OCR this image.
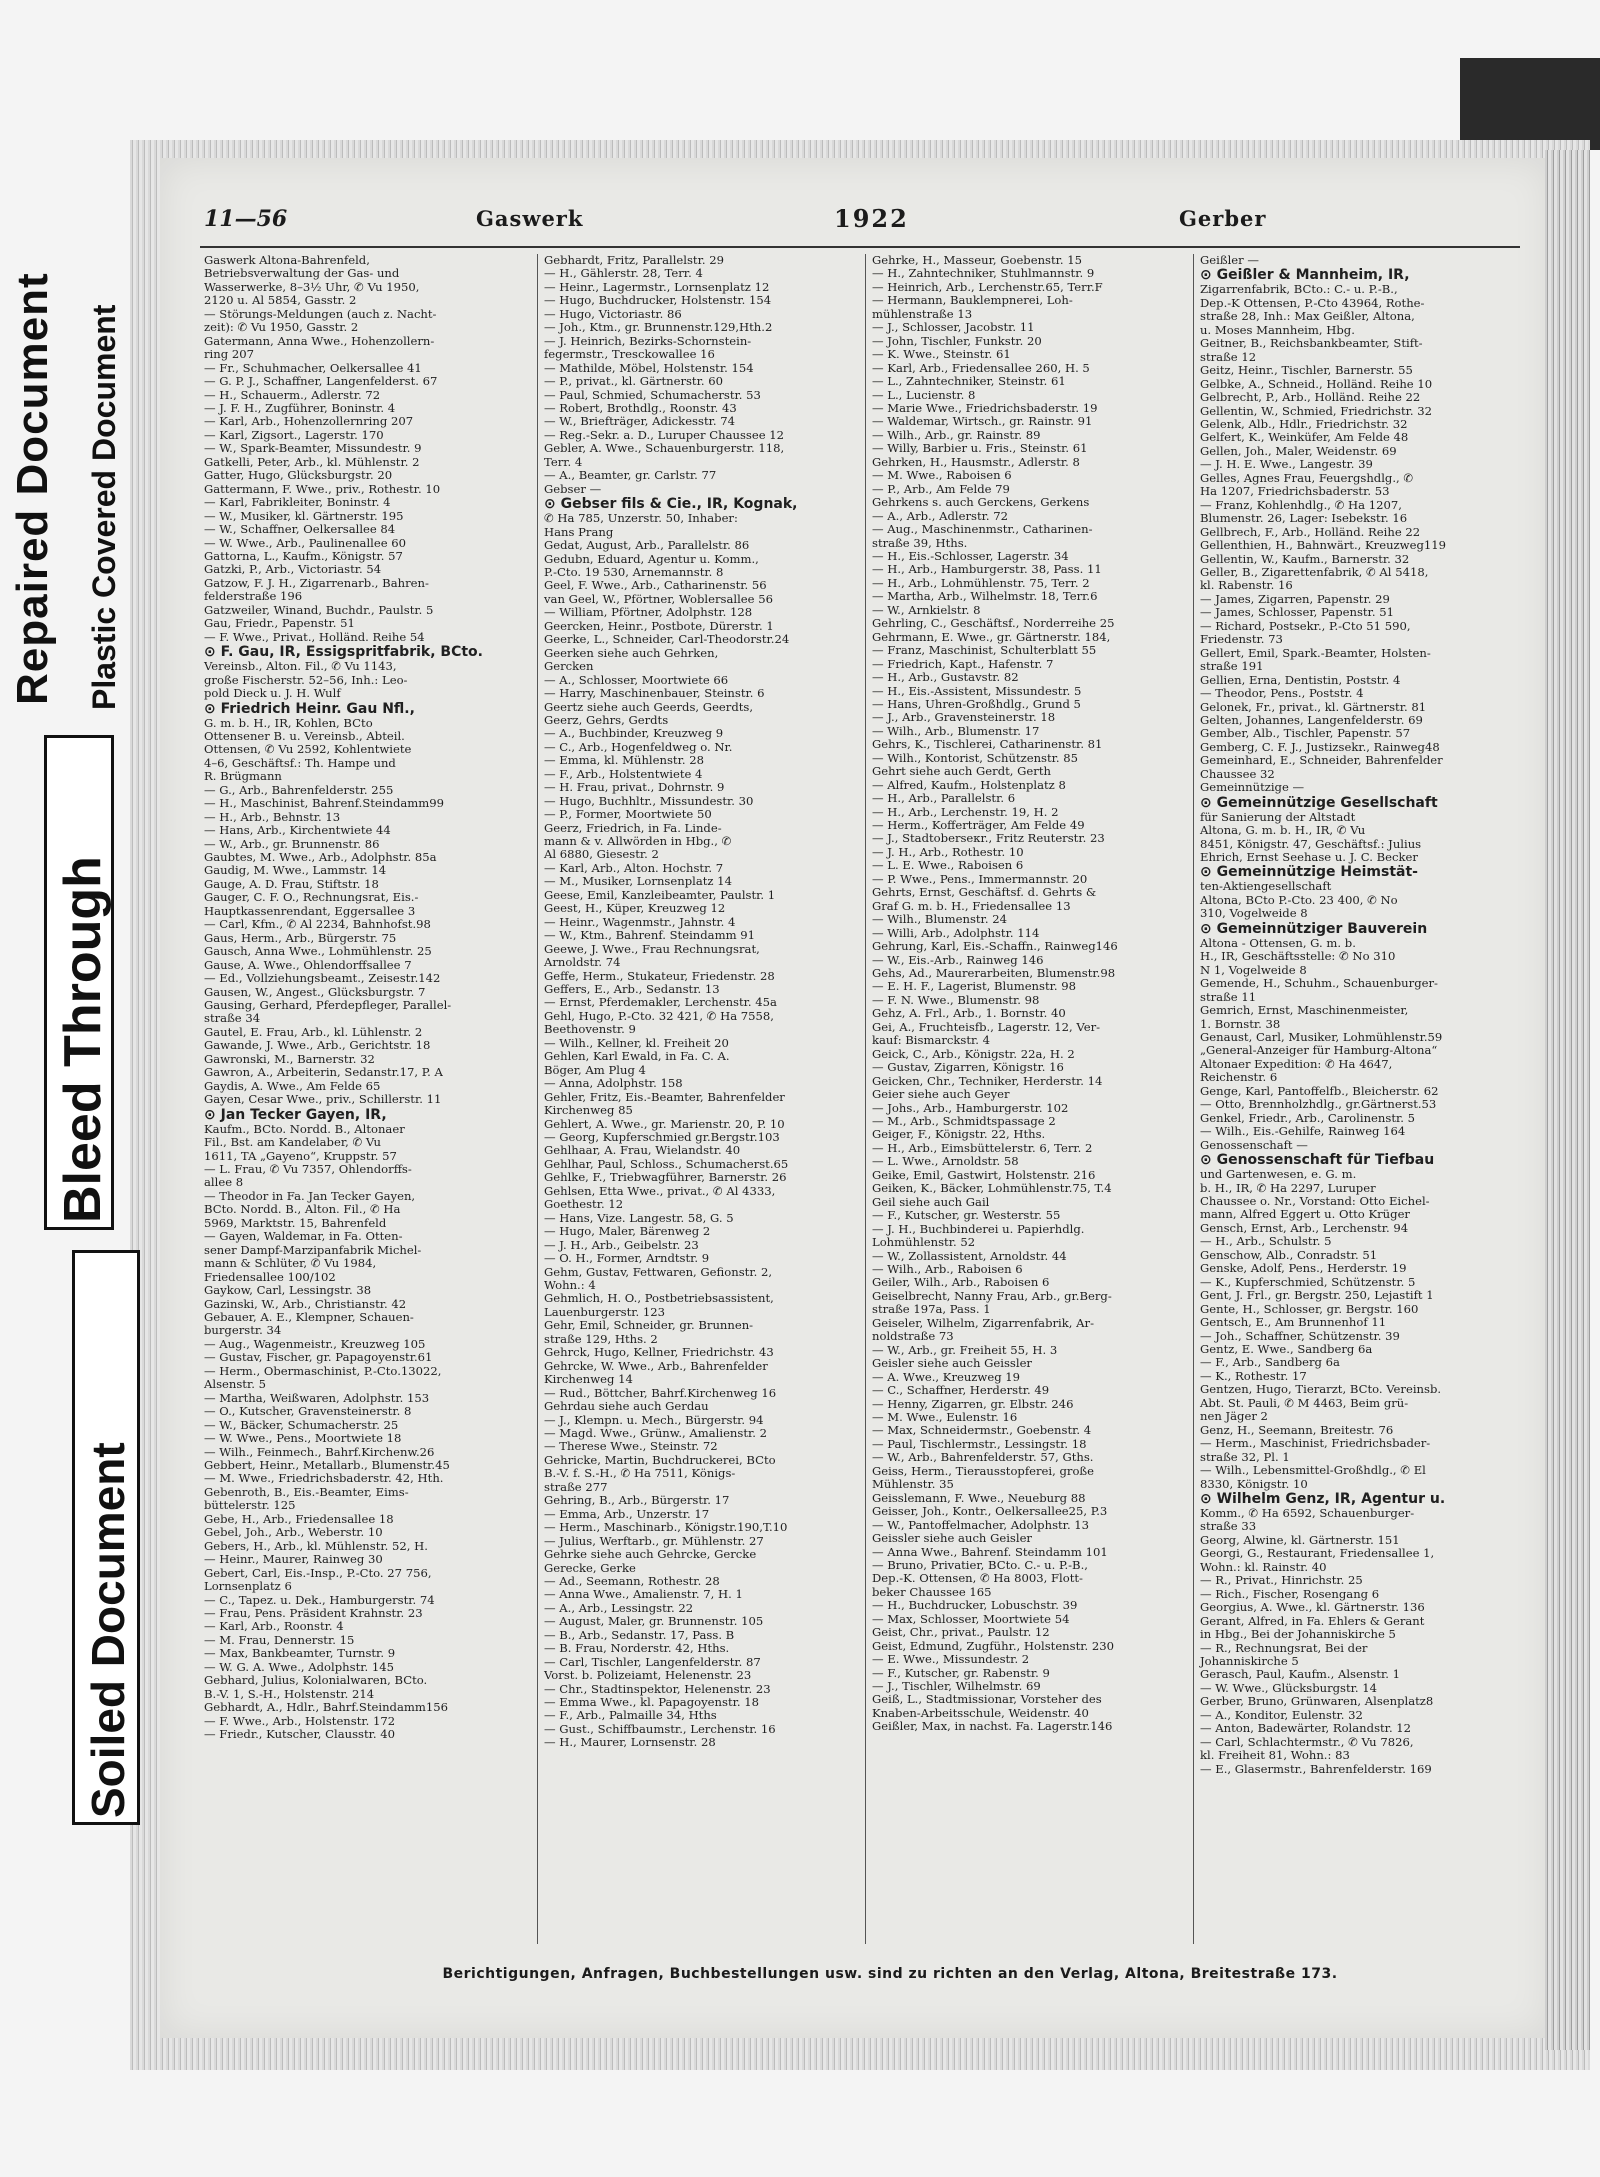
Repaired Document Plastic Covered Document
Bleed Through
Soiled Document
11—56	Gaswerk	1922	Gerber
Gaswerk Altona-Bahrenfeld,
Betriebsverwaltung der Gas- und
Wasserwerke, 8–3½ Uhr, ✆ Vu 1950,
2120 u. Al 5854, Gasstr. 2
— Störungs-Meldungen (auch z. Nacht-
zeit): ✆ Vu 1950, Gasstr. 2
Gatermann, Anna Wwe., Hohenzollern-
ring 207
— Fr., Schuhmacher, Oelkersallee 41
— G. P. J., Schaffner, Langenfelderst. 67
— H., Schauerm., Adlerstr. 72
— J. F. H., Zugführer, Boninstr. 4
— Karl, Arb., Hohenzollernring 207
— Karl, Zigsort., Lagerstr. 170
— W., Spark-Beamter, Missundestr. 9
Gatkelli, Peter, Arb., kl. Mühlenstr. 2
Gatter, Hugo, Glücksburgstr. 20
Gattermann, F. Wwe., priv., Rothestr. 10
— Karl, Fabrikleiter, Boninstr. 4
— W., Musiker, kl. Gärtnerstr. 195
— W., Schaffner, Oelkersallee 84
— W. Wwe., Arb., Paulinenallee 60
Gattorna, L., Kaufm., Königstr. 57
Gatzki, P., Arb., Victoriastr. 54
Gatzow, F. J. H., Zigarrenarb., Bahren-
felderstraße 196
Gatzweiler, Winand, Buchdr., Paulstr. 5
Gau, Friedr., Papenstr. 51
— F. Wwe., Privat., Holländ. Reihe 54
⊙ F. Gau, IR, Essigspritfabrik, BCto.
Vereinsb., Alton. Fil., ✆ Vu 1143,
große Fischerstr. 52–56, Inh.: Leo-
pold Dieck u. J. H. Wulf
⊙ Friedrich Heinr. Gau Nfl.,
G. m. b. H., IR, Kohlen, BCto
Ottensener B. u. Vereinsb., Abteil.
Ottensen, ✆ Vu 2592, Kohlentwiete
4–6, Geschäftsf.: Th. Hampe und
R. Brügmann
— G., Arb., Bahrenfelderstr. 255
— H., Maschinist, Bahrenf.Steindamm99
— H., Arb., Behnstr. 13
— Hans, Arb., Kirchentwiete 44
— W., Arb., gr. Brunnenstr. 86
Gaubtes, M. Wwe., Arb., Adolphstr. 85a
Gaudig, M. Wwe., Lammstr. 14
Gauge, A. D. Frau, Stiftstr. 18
Gauger, C. F. O., Rechnungsrat, Eis.-
Hauptkassenrendant, Eggersallee 3
— Carl, Kfm., ✆ Al 2234, Bahnhofst.98
Gaus, Herm., Arb., Bürgerstr. 75
Gausch, Anna Wwe., Lohmühlenstr. 25
Gause, A. Wwe., Ohlendorffsallee 7
— Ed., Vollziehungsbeamt., Zeisestr.142
Gausen, W., Angest., Glücksburgstr. 7
Gausing, Gerhard, Pferdepfleger, Parallel-
straße 34
Gautel, E. Frau, Arb., kl. Lühlenstr. 2
Gawande, J. Wwe., Arb., Gerichtstr. 18
Gawronski, M., Barnerstr. 32
Gawron, A., Arbeiterin, Sedanstr.17, P. A
Gaydis, A. Wwe., Am Felde 65
Gayen, Cesar Wwe., priv., Schillerstr. 11
⊙ Jan Tecker Gayen, IR,
Kaufm., BCto. Nordd. B., Altonaer
Fil., Bst. am Kandelaber, ✆ Vu
1611, TA „Gayeno“, Kruppstr. 57
— L. Frau, ✆ Vu 7357, Ohlendorffs-
allee 8
— Theodor in Fa. Jan Tecker Gayen,
BCto. Nordd. B., Alton. Fil., ✆ Ha
5969, Marktstr. 15, Bahrenfeld
— Gayen, Waldemar, in Fa. Otten-
sener Dampf-Marzipanfabrik Michel-
mann & Schlüter, ✆ Vu 1984,
Friedensallee 100/102
Gaykow, Carl, Lessingstr. 38
Gazinski, W., Arb., Christianstr. 42
Gebauer, A. E., Klempner, Schauen-
burgerstr. 34
— Aug., Wagenmeistr., Kreuzweg 105
— Gustav, Fischer, gr. Papagoyenstr.61
— Herm., Obermaschinist, P.-Cto.13022,
Alsenstr. 5
— Martha, Weißwaren, Adolphstr. 153
— O., Kutscher, Gravensteinerstr. 8
— W., Bäcker, Schumacherstr. 25
— W. Wwe., Pens., Moortwiete 18
— Wilh., Feinmech., Bahrf.Kirchenw.26
Gebbert, Heinr., Metallarb., Blumenstr.45
— M. Wwe., Friedrichsbaderstr. 42, Hth.
Gebenroth, B., Eis.-Beamter, Eims-
büttelerstr. 125
Gebe, H., Arb., Friedensallee 18
Gebel, Joh., Arb., Weberstr. 10
Gebers, H., Arb., kl. Mühlenstr. 52, H.
— Heinr., Maurer, Rainweg 30
Gebert, Carl, Eis.-Insp., P.-Cto. 27 756,
Lornsenplatz 6
— C., Tapez. u. Dek., Hamburgerstr. 74
— Frau, Pens. Präsident Krahnstr. 23
— Karl, Arb., Roonstr. 4
— M. Frau, Dennerstr. 15
— Max, Bankbeamter, Turnstr. 9
— W. G. A. Wwe., Adolphstr. 145
Gebhard, Julius, Kolonialwaren, BCto.
B.-V. 1, S.-H., Holstenstr. 214
Gebhardt, A., Hdlr., Bahrf.Steindamm156
— F. Wwe., Arb., Holstenstr. 172
— Friedr., Kutscher, Clausstr. 40
Gebhardt, Fritz, Parallelstr. 29
— H., Gählerstr. 28, Terr. 4
— Heinr., Lagermstr., Lornsenplatz 12
— Hugo, Buchdrucker, Holstenstr. 154
— Hugo, Victoriastr. 86
— Joh., Ktm., gr. Brunnenstr.129,Hth.2
— J. Heinrich, Bezirks-Schornstein-
fegermstr., Tresckowallee 16
— Mathilde, Möbel, Holstenstr. 154
— P., privat., kl. Gärtnerstr. 60
— Paul, Schmied, Schumacherstr. 53
— Robert, Brothdlg., Roonstr. 43
— W., Briefträger, Adickesstr. 74
— Reg.-Sekr. a. D., Luruper Chaussee 12
Gebler, A. Wwe., Schauenburgerstr. 118,
Terr. 4
— A., Beamter, gr. Carlstr. 77
Gebser —
⊙ Gebser fils & Cie., IR, Kognak,
✆ Ha 785, Unzerstr. 50, Inhaber:
Hans Prang
Gedat, August, Arb., Parallelstr. 86
Gedubn, Eduard, Agentur u. Komm.,
P.-Cto. 19 530, Arnemannstr. 8
Geel, F. Wwe., Arb., Catharinenstr. 56
van Geel, W., Pförtner, Woblersallee 56
— William, Pförtner, Adolphstr. 128
Geercken, Heinr., Postbote, Dürerstr. 1
Geerke, L., Schneider, Carl-Theodorstr.24
Geerken siehe auch Gehrken,
Gercken
— A., Schlosser, Moortwiete 66
— Harry, Maschinenbauer, Steinstr. 6
Geertz siehe auch Geerds, Geerdts,
Geerz, Gehrs, Gerdts
— A., Buchbinder, Kreuzweg 9
— C., Arb., Hogenfeldweg o. Nr.
— Emma, kl. Mühlenstr. 28
— F., Arb., Holstentwiete 4
— H. Frau, privat., Dohrnstr. 9
— Hugo, Buchhltr., Missundestr. 30
— P., Former, Moortwiete 50
Geerz, Friedrich, in Fa. Linde-
mann & v. Allwörden in Hbg., ✆
Al 6880, Giesestr. 2
— Karl, Arb., Alton. Hochstr. 7
— M., Musiker, Lornsenplatz 14
Geese, Emil, Kanzleibeamter, Paulstr. 1
Geest, H., Küper, Kreuzweg 12
— Heinr., Wagenmstr., Jahnstr. 4
— W., Ktm., Bahrenf. Steindamm 91
Geewe, J. Wwe., Frau Rechnungsrat,
Arnoldstr. 74
Geffe, Herm., Stukateur, Friedenstr. 28
Geffers, E., Arb., Sedanstr. 13
— Ernst, Pferdemakler, Lerchenstr. 45a
Gehl, Hugo, P.-Cto. 32 421, ✆ Ha 7558,
Beethovenstr. 9
— Wilh., Kellner, kl. Freiheit 20
Gehlen, Karl Ewald, in Fa. C. A.
Böger, Am Plug 4
— Anna, Adolphstr. 158
Gehler, Fritz, Eis.-Beamter, Bahrenfelder
Kirchenweg 85
Gehlert, A. Wwe., gr. Marienstr. 20, P. 10
— Georg, Kupferschmied gr.Bergstr.103
Gehlhaar, A. Frau, Wielandstr. 40
Gehlhar, Paul, Schloss., Schumacherst.65
Gehlke, F., Triebwagführer, Barnerstr. 26
Gehlsen, Etta Wwe., privat., ✆ Al 4333,
Goethestr. 12
— Hans, Vize. Langestr. 58, G. 5
— Hugo, Maler, Bärenweg 2
— J. H., Arb., Geibelstr. 23
— O. H., Former, Arndtstr. 9
Gehm, Gustav, Fettwaren, Gefionstr. 2,
Wohn.: 4
Gehmlich, H. O., Postbetriebsassistent,
Lauenburgerstr. 123
Gehr, Emil, Schneider, gr. Brunnen-
straße 129, Hths. 2
Gehrck, Hugo, Kellner, Friedrichstr. 43
Gehrcke, W. Wwe., Arb., Bahrenfelder
Kirchenweg 14
— Rud., Böttcher, Bahrf.Kirchenweg 16
Gehrdau siehe auch Gerdau
— J., Klempn. u. Mech., Bürgerstr. 94
— Magd. Wwe., Grünw., Amalienstr. 2
— Therese Wwe., Steinstr. 72
Gehricke, Martin, Buchdruckerei, BCto
B.-V. f. S.-H., ✆ Ha 7511, Königs-
straße 277
Gehring, B., Arb., Bürgerstr. 17
— Emma, Arb., Unzerstr. 17
— Herm., Maschinarb., Königstr.190,T.10
— Julius, Werftarb., gr. Mühlenstr. 27
Gehrke siehe auch Gehrcke, Gercke
Gerecke, Gerke
— Ad., Seemann, Rothestr. 28
— Anna Wwe., Amalienstr. 7, H. 1
— A., Arb., Lessingstr. 22
— August, Maler, gr. Brunnenstr. 105
— B., Arb., Sedanstr. 17, Pass. B
— B. Frau, Norderstr. 42, Hths.
— Carl, Tischler, Langenfelderstr. 87
Vorst. b. Polizeiamt, Helenenstr. 23
— Chr., Stadtinspektor, Helenenstr. 23
— Emma Wwe., kl. Papagoyenstr. 18
— F., Arb., Palmaille 34, Hths
— Gust., Schiffbaumstr., Lerchenstr. 16
— H., Maurer, Lornsenstr. 28
Gehrke, H., Masseur, Goebenstr. 15
— H., Zahntechniker, Stuhlmannstr. 9
— Heinrich, Arb., Lerchenstr.65, Terr.F
— Hermann, Bauklempnerei, Loh-
mühlenstraße 13
— J., Schlosser, Jacobstr. 11
— John, Tischler, Funkstr. 20
— K. Wwe., Steinstr. 61
— Karl, Arb., Friedensallee 260, H. 5
— L., Zahntechniker, Steinstr. 61
— L., Lucienstr. 8
— Marie Wwe., Friedrichsbaderstr. 19
— Waldemar, Wirtsch., gr. Rainstr. 91
— Wilh., Arb., gr. Rainstr. 89
— Willy, Barbier u. Fris., Steinstr. 61
Gehrken, H., Hausmstr., Adlerstr. 8
— M. Wwe., Raboisen 6
— P., Arb., Am Felde 79
Gehrkens s. auch Gerckens, Gerkens
— A., Arb., Adlerstr. 72
— Aug., Maschinenmstr., Catharinen-
straße 39, Hths.
— H., Eis.-Schlosser, Lagerstr. 34
— H., Arb., Hamburgerstr. 38, Pass. 11
— H., Arb., Lohmühlenstr. 75, Terr. 2
— Martha, Arb., Wilhelmstr. 18, Terr.6
— W., Arnkielstr. 8
Gehrling, C., Geschäftsf., Norderreihe 25
Gehrmann, E. Wwe., gr. Gärtnerstr. 184,
— Franz, Maschinist, Schulterblatt 55
— Friedrich, Kapt., Hafenstr. 7
— H., Arb., Gustavstr. 82
— H., Eis.-Assistent, Missundestr. 5
— Hans, Uhren-Großhdlg., Grund 5
— J., Arb., Gravensteinerstr. 18
— Wilh., Arb., Blumenstr. 17
Gehrs, K., Tischlerei, Catharinenstr. 81
— Wilh., Kontorist, Schützenstr. 85
Gehrt siehe auch Gerdt, Gerth
— Alfred, Kaufm., Holstenplatz 8
— H., Arb., Parallelstr. 6
— H., Arb., Lerchenstr. 19, H. 2
— Herm., Kofferträger, Am Felde 49
— J., Stadtoberseкr., Fritz Reuterstr. 23
— J. H., Arb., Rothestr. 10
— L. E. Wwe., Raboisen 6
— P. Wwe., Pens., Immermannstr. 20
Gehrts, Ernst, Geschäftsf. d. Gehrts &
Graf G. m. b. H., Friedensallee 13
— Wilh., Blumenstr. 24
— Willi, Arb., Adolphstr. 114
Gehrung, Karl, Eis.-Schaffn., Rainweg146
— W., Eis.-Arb., Rainweg 146
Gehs, Ad., Maurerarbeiten, Blumenstr.98
— E. H. F., Lagerist, Blumenstr. 98
— F. N. Wwe., Blumenstr. 98
Gehz, A. Frl., Arb., 1. Bornstr. 40
Gei, A., Fruchteisfb., Lagerstr. 12, Ver-
kauf: Bismarckstr. 4
Geick, C., Arb., Königstr. 22a, H. 2
— Gustav, Zigarren, Königstr. 16
Geicken, Chr., Techniker, Herderstr. 14
Geier siehe auch Geyer
— Johs., Arb., Hamburgerstr. 102
— M., Arb., Schmidtspassage 2
Geiger, F., Königstr. 22, Hths.
— H., Arb., Eimsbüttelerstr. 6, Terr. 2
— L. Wwe., Arnoldstr. 58
Geike, Emil, Gastwirt, Holstenstr. 216
Geiken, K., Bäcker, Lohmühlenstr.75, T.4
Geil siehe auch Gail
— F., Kutscher, gr. Westerstr. 55
— J. H., Buchbinderei u. Papierhdlg.
Lohmühlenstr. 52
— W., Zollassistent, Arnoldstr. 44
— Wilh., Arb., Raboisen 6
Geiler, Wilh., Arb., Raboisen 6
Geiselbrecht, Nanny Frau, Arb., gr.Berg-
straße 197a, Pass. 1
Geiseler, Wilhelm, Zigarrenfabrik, Ar-
noldstraße 73
— W., Arb., gr. Freiheit 55, H. 3
Geisler siehe auch Geissler
— A. Wwe., Kreuzweg 19
— C., Schaffner, Herderstr. 49
— Henny, Zigarren, gr. Elbstr. 246
— M. Wwe., Eulenstr. 16
— Max, Schneidermstr., Goebenstr. 4
— Paul, Tischlermstr., Lessingstr. 18
— W., Arb., Bahrenfelderstr. 57, Gths.
Geiss, Herm., Tierausstopferei, große
Mühlenstr. 35
Geisslemann, F. Wwe., Neueburg 88
Geisser, Joh., Kontr., Oelkersallee25, P.3
— W., Pantoffelmacher, Adolphstr. 13
Geissler siehe auch Geisler
— Anna Wwe., Bahrenf. Steindamm 101
— Bruno, Privatier, BCto. C.- u. P.-B.,
Dep.-K. Ottensen, ✆ Ha 8003, Flott-
beker Chaussee 165
— H., Buchdrucker, Lobuschstr. 39
— Max, Schlosser, Moortwiete 54
Geist, Chr., privat., Paulstr. 12
Geist, Edmund, Zugführ., Holstenstr. 230
— E. Wwe., Missundestr. 2
— F., Kutscher, gr. Rabenstr. 9
— J., Tischler, Wilhelmstr. 69
Geiß, L., Stadtmissionar, Vorsteher des
Knaben-Arbeitsschule, Weidenstr. 40
Geißler, Max, in nachst. Fa. Lagerstr.146
Geißler —
⊙ Geißler & Mannheim, IR,
Zigarrenfabrik, BCto.: C.- u. P.-B.,
Dep.-K Ottensen, P.-Cto 43964, Rothe-
straße 28, Inh.: Max Geißler, Altona,
u. Moses Mannheim, Hbg.
Geitner, B., Reichsbankbeamter, Stift-
straße 12
Geitz, Heinr., Tischler, Barnerstr. 55
Gelbke, A., Schneid., Holländ. Reihe 10
Gelbrecht, P., Arb., Holländ. Reihe 22
Gellentin, W., Schmied, Friedrichstr. 32
Gelenk, Alb., Hdlr., Friedrichstr. 32
Gelfert, K., Weinküfer, Am Felde 48
Gellen, Joh., Maler, Weidenstr. 69
— J. H. E. Wwe., Langestr. 39
Gelles, Agnes Frau, Feuergshdlg., ✆
Ha 1207, Friedrichsbaderstr. 53
— Franz, Kohlenhdlg., ✆ Ha 1207,
Blumenstr. 26, Lager: Isebekstr. 16
Gellbrech, F., Arb., Holländ. Reihe 22
Gellenthien, H., Bahnwärt., Kreuzweg119
Gellentin, W., Kaufm., Barnerstr. 32
Geller, B., Zigarettenfabrik, ✆ Al 5418,
kl. Rabenstr. 16
— James, Zigarren, Papenstr. 29
— James, Schlosser, Papenstr. 51
— Richard, Postsekr., P.-Cto 51 590,
Friedenstr. 73
Gellert, Emil, Spark.-Beamter, Holsten-
straße 191
Gellien, Erna, Dentistin, Poststr. 4
— Theodor, Pens., Poststr. 4
Gelonek, Fr., privat., kl. Gärtnerstr. 81
Gelten, Johannes, Langenfelderstr. 69
Gember, Alb., Tischler, Papenstr. 57
Gemberg, C. F. J., Justizsekr., Rainweg48
Gemeinhard, E., Schneider, Bahrenfelder
Chaussee 32
Gemeinnützige —
⊙ Gemeinnützige Gesellschaft
für Sanierung der Altstadt
Altona, G. m. b. H., IR, ✆ Vu
8451, Königstr. 47, Geschäftsf.: Julius
Ehrich, Ernst Seehase u. J. C. Becker
⊙ Gemeinnützige Heimstät-
ten-Aktiengesellschaft
Altona, BCto P.-Cto. 23 400, ✆ No
310, Vogelweide 8
⊙ Gemeinnütziger Bauverein
Altona - Ottensen, G. m. b.
H., IR, Geschäftsstelle: ✆ No 310
N 1, Vogelweide 8
Gemende, H., Schuhm., Schauenburger-
straße 11
Gemrich, Ernst, Maschinenmeister,
1. Bornstr. 38
Genaust, Carl, Musiker, Lohmühlenstr.59
„General-Anzeiger für Hamburg-Altona“
Altonaer Expedition: ✆ Ha 4647,
Reichenstr. 6
Genge, Karl, Pantoffelfb., Bleicherstr. 62
— Otto, Brennholzhdlg., gr.Gärtnerst.53
Genkel, Friedr., Arb., Carolinenstr. 5
— Wilh., Eis.-Gehilfe, Rainweg 164
Genossenschaft —
⊙ Genossenschaft für Tiefbau
und Gartenwesen, e. G. m.
b. H., IR, ✆ Ha 2297, Luruper
Chaussee o. Nr., Vorstand: Otto Eichel-
mann, Alfred Eggert u. Otto Krüger
Gensch, Ernst, Arb., Lerchenstr. 94
— H., Arb., Schulstr. 5
Genschow, Alb., Conradstr. 51
Genske, Adolf, Pens., Herderstr. 19
— K., Kupferschmied, Schützenstr. 5
Gent, J. Frl., gr. Bergstr. 250, Lejastift 1
Gente, H., Schlosser, gr. Bergstr. 160
Gentsch, E., Am Brunnenhof 11
— Joh., Schaffner, Schützenstr. 39
Gentz, E. Wwe., Sandberg 6a
— F., Arb., Sandberg 6a
— K., Rothestr. 17
Gentzen, Hugo, Tierarzt, BCto. Vereinsb.
Abt. St. Pauli, ✆ M 4463, Beim grü-
nen Jäger 2
Genz, H., Seemann, Breitestr. 76
— Herm., Maschinist, Friedrichsbader-
straße 32, Pl. 1
— Wilh., Lebensmittel-Großhdlg., ✆ El
8330, Königstr. 10
⊙ Wilhelm Genz, IR, Agentur u.
Komm., ✆ Ha 6592, Schauenburger-
straße 33
Georg, Alwine, kl. Gärtnerstr. 151
Georgi, G., Restaurant, Friedensallee 1,
Wohn.: kl. Rainstr. 40
— R., Privat., Hinrichstr. 25
— Rich., Fischer, Rosengang 6
Georgius, A. Wwe., kl. Gärtnerstr. 136
Gerant, Alfred, in Fa. Ehlers & Gerant
in Hbg., Bei der Johanniskirche 5
— R., Rechnungsrat, Bei der
Johanniskirche 5
Gerasch, Paul, Kaufm., Alsenstr. 1
— W. Wwe., Glücksburgstr. 14
Gerber, Bruno, Grünwaren, Alsenplatz8
— A., Konditor, Eulenstr. 32
— Anton, Badewärter, Rolandstr. 12
— Carl, Schlachtermstr., ✆ Vu 7826,
kl. Freiheit 81, Wohn.: 83
— E., Glasermstr., Bahrenfelderstr. 169
Berichtigungen, Anfragen, Buchbestellungen usw. sind zu richten an den Verlag, Altona, Breitestraße 173.
